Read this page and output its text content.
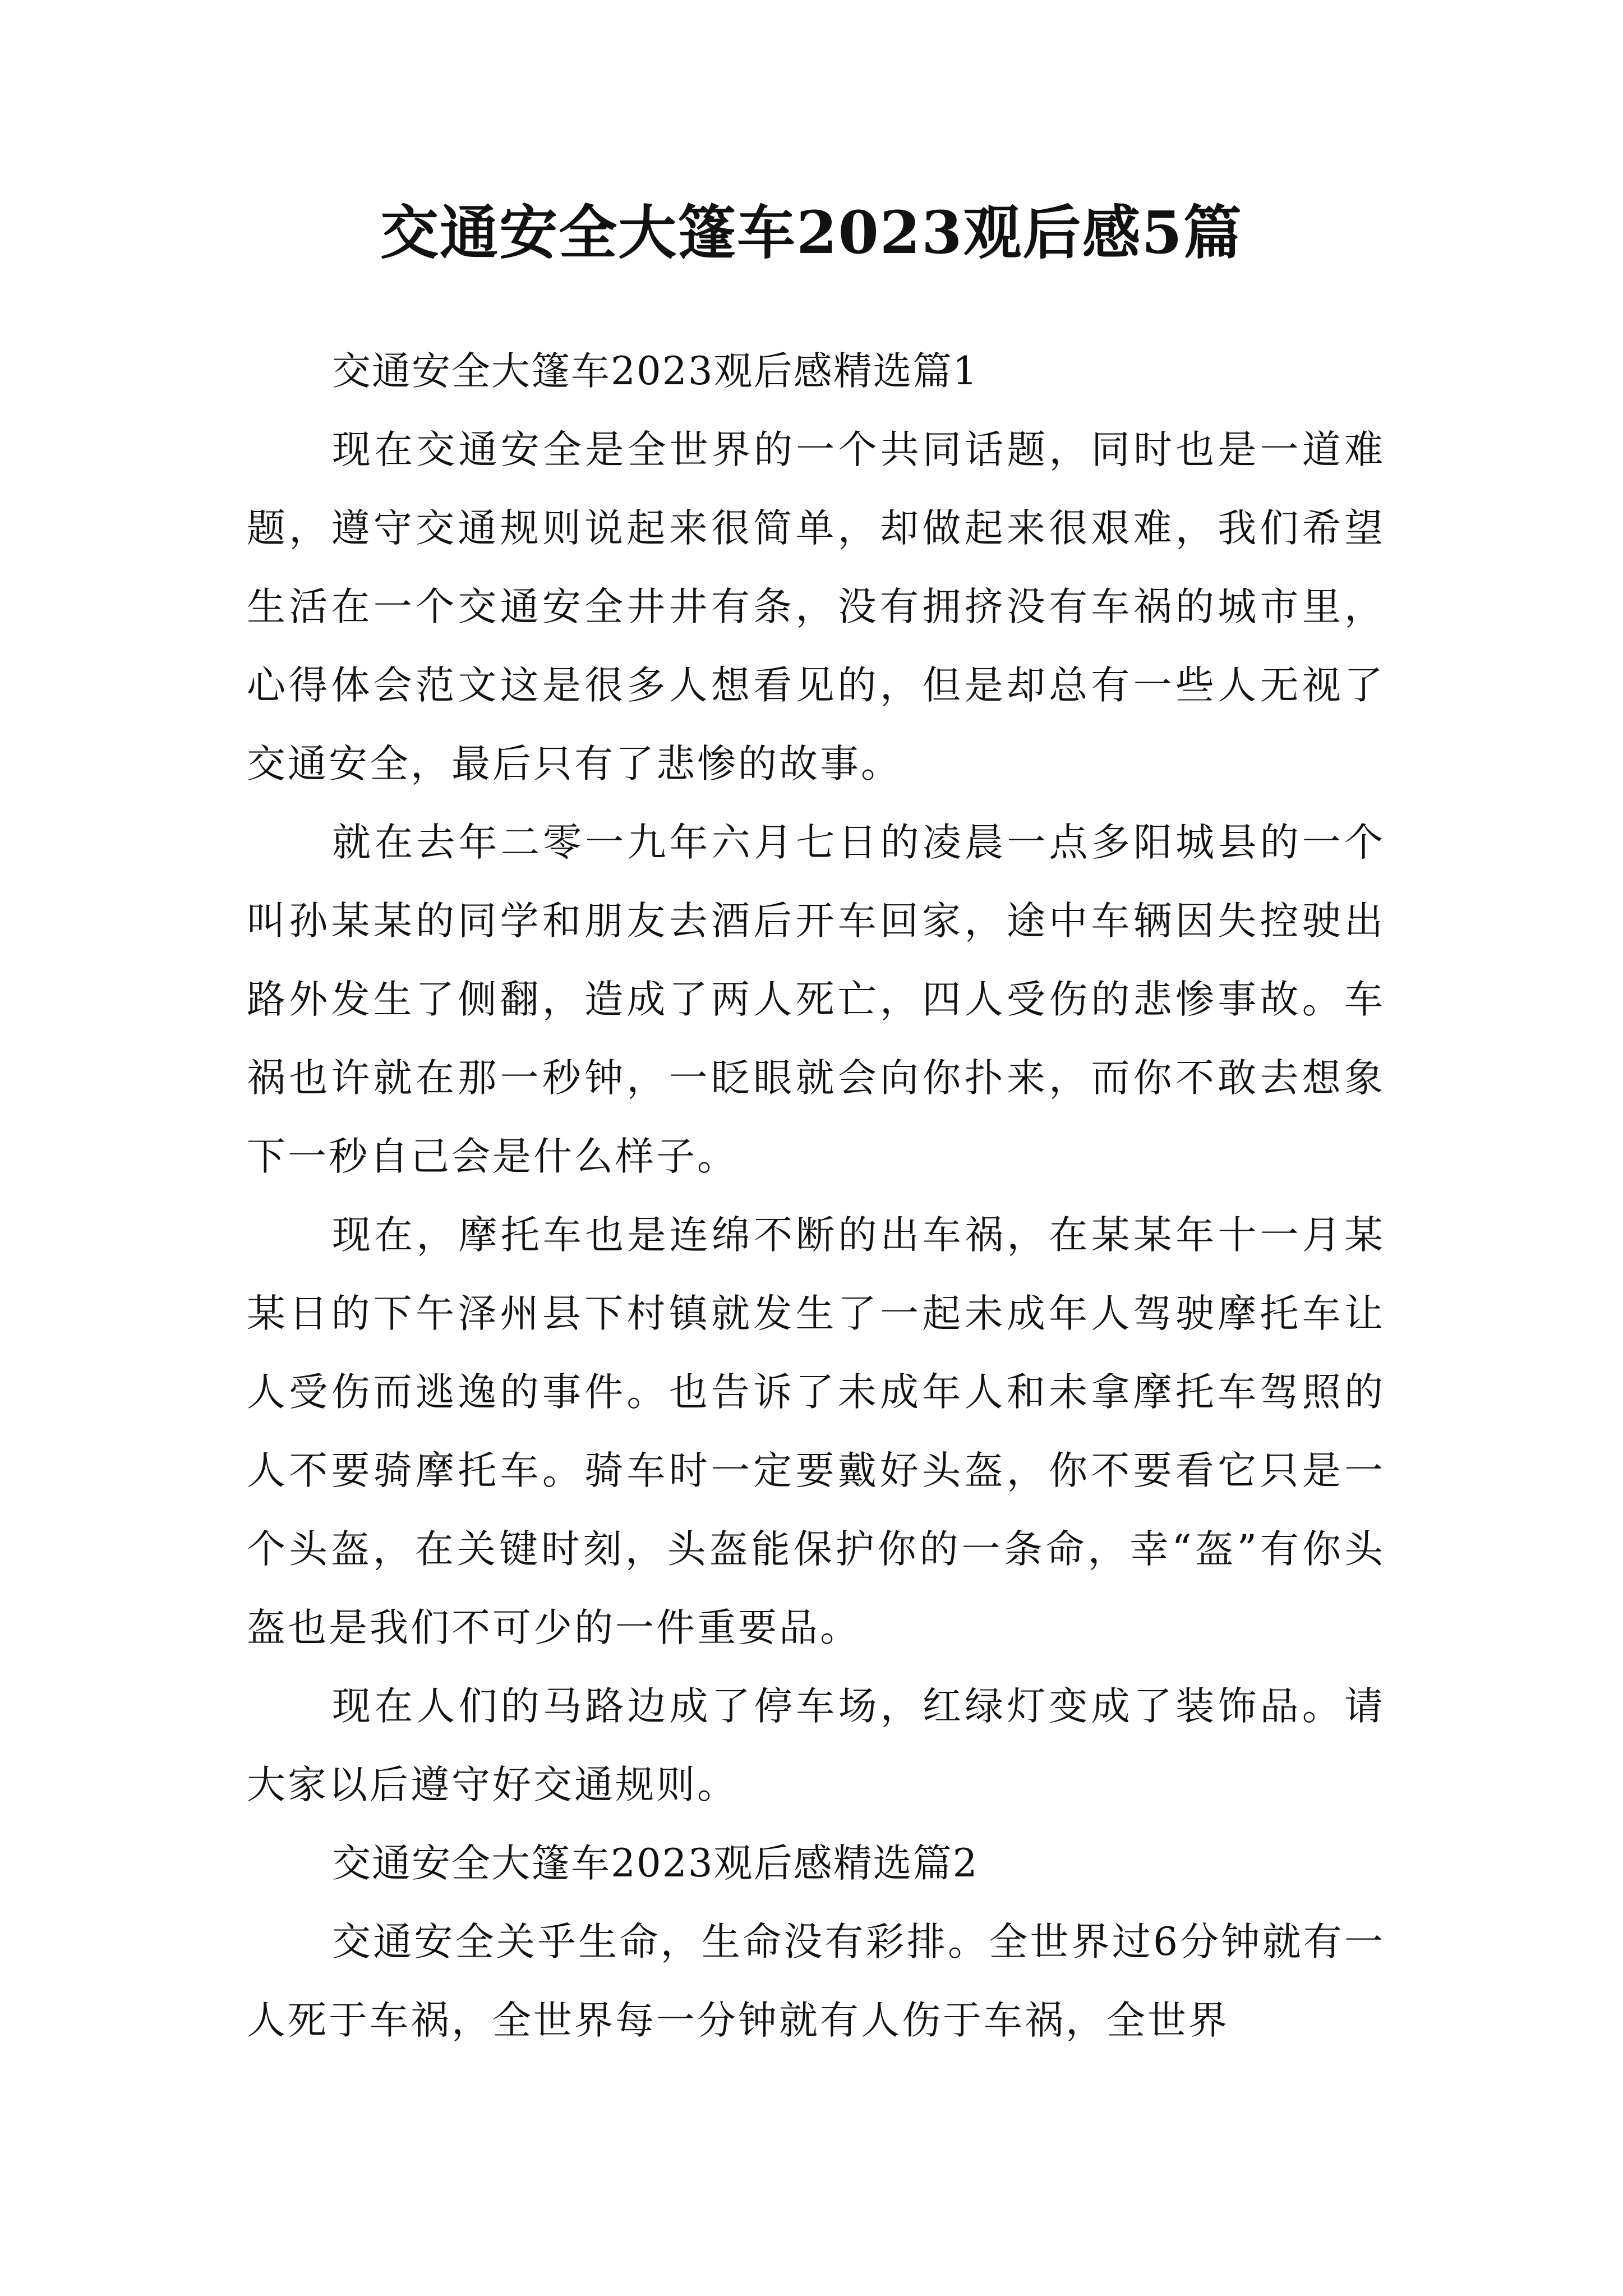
交通安全大篷车2023观后感5篇

交通安全大篷车2023观后感精选篇1

现在交通安全是全世界的一个共同话题，同时也是一道难题，遵守交通规则说起来很简单，却做起来很艰难，我们希望生活在一个交通安全井井有条，没有拥挤没有车祸的城市里，心得体会范文这是很多人想看见的，但是却总有一些人无视了交通安全，最后只有了悲惨的故事。

就在去年二零一九年六月七日的凌晨一点多阳城县的一个叫孙某某的同学和朋友去酒后开车回家，途中车辆因失控驶出路外发生了侧翻，造成了两人死亡，四人受伤的悲惨事故。车祸也许就在那一秒钟，一眨眼就会向你扑来，而你不敢去想象下一秒自己会是什么样子。

现在，摩托车也是连绵不断的出车祸，在某某年十一月某某日的下午泽州县下村镇就发生了一起未成年人驾驶摩托车让人受伤而逃逸的事件。也告诉了未成年人和未拿摩托车驾照的人不要骑摩托车。骑车时一定要戴好头盔，你不要看它只是一个头盔，在关键时刻，头盔能保护你的一条命，幸“盔”有你头盔也是我们不可少的一件重要品。

现在人们的马路边成了停车场，红绿灯变成了装饰品。请大家以后遵守好交通规则。

交通安全大篷车2023观后感精选篇2

交通安全关乎生命，生命没有彩排。全世界过6分钟就有一人死于车祸，全世界每一分钟就有人伤于车祸，全世界
